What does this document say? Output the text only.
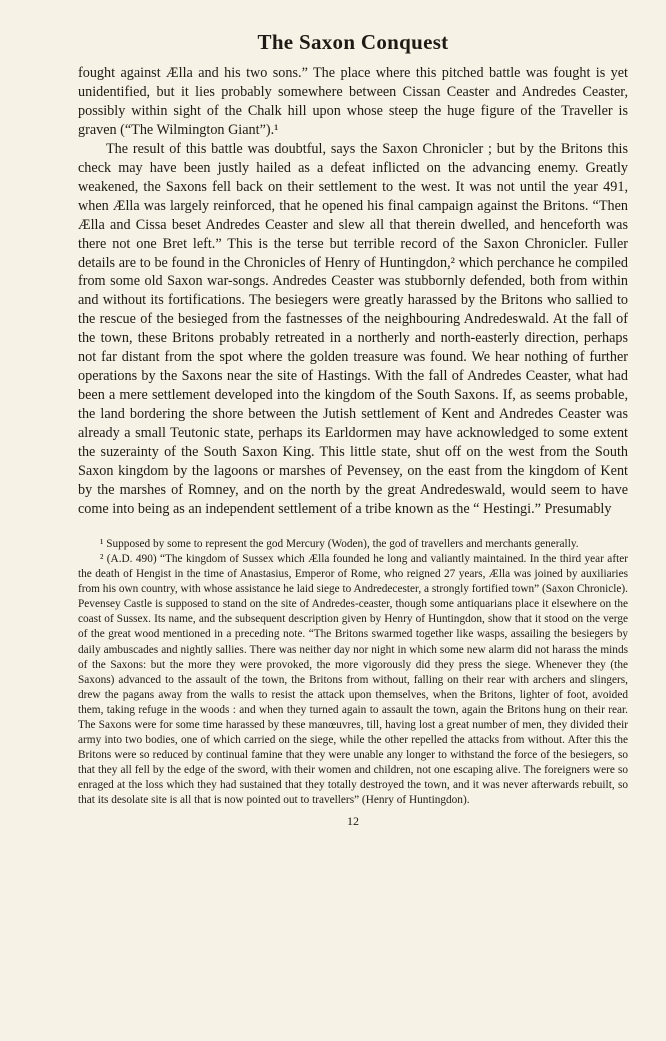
The Saxon Conquest

fought against Ælla and his two sons.” The place where this pitched battle was fought is yet unidentified, but it lies probably somewhere between Cissan Ceaster and Andredes Ceaster, possibly within sight of the Chalk hill upon whose steep the huge figure of the Traveller is graven (“The Wilmington Giant”).¹

The result of this battle was doubtful, says the Saxon Chronicler ; but by the Britons this check may have been justly hailed as a defeat inflicted on the advancing enemy. Greatly weakened, the Saxons fell back on their settlement to the west. It was not until the year 491, when Ælla was largely reinforced, that he opened his final campaign against the Britons. “Then Ælla and Cissa beset Andredes Ceaster and slew all that therein dwelled, and henceforth was there not one Bret left.” This is the terse but terrible record of the Saxon Chronicler. Fuller details are to be found in the Chronicles of Henry of Huntingdon,² which perchance he compiled from some old Saxon war-songs. Andredes Ceaster was stubbornly defended, both from within and without its fortifications. The besiegers were greatly harassed by the Britons who sallied to the rescue of the besieged from the fastnesses of the neighbouring Andredeswald. At the fall of the town, these Britons probably retreated in a northerly and north-easterly direction, perhaps not far distant from the spot where the golden treasure was found. We hear nothing of further operations by the Saxons near the site of Hastings. With the fall of Andredes Ceaster, what had been a mere settlement developed into the kingdom of the South Saxons. If, as seems probable, the land bordering the shore between the Jutish settlement of Kent and Andredes Ceaster was already a small Teutonic state, perhaps its Earldormen may have acknowledged to some extent the suzerainty of the South Saxon King. This little state, shut off on the west from the South Saxon kingdom by the lagoons or marshes of Pevensey, on the east from the kingdom of Kent by the marshes of Romney, and on the north by the great Andredeswald, would seem to have come into being as an independent settlement of a tribe known as the “ Hestingi.” Presumably

¹ Supposed by some to represent the god Mercury (Woden), the god of travellers and merchants generally.

² (A.D. 490) “The kingdom of Sussex which Ælla founded he long and valiantly maintained. In the third year after the death of Hengist in the time of Anastasius, Emperor of Rome, who reigned 27 years, Ælla was joined by auxiliaries from his own country, with whose assistance he laid siege to Andredecester, a strongly fortified town” (Saxon Chronicle). Pevensey Castle is supposed to stand on the site of Andredes-ceaster, though some antiquarians place it elsewhere on the coast of Sussex. Its name, and the subsequent description given by Henry of Huntingdon, show that it stood on the verge of the great wood mentioned in a preceding note. “The Britons swarmed together like wasps, assailing the besiegers by daily ambuscades and nightly sallies. There was neither day nor night in which some new alarm did not harass the minds of the Saxons: but the more they were provoked, the more vigorously did they press the siege. Whenever they (the Saxons) advanced to the assault of the town, the Britons from without, falling on their rear with archers and slingers, drew the pagans away from the walls to resist the attack upon themselves, when the Britons, lighter of foot, avoided them, taking refuge in the woods : and when they turned again to assault the town, again the Britons hung on their rear. The Saxons were for some time harassed by these manœuvres, till, having lost a great number of men, they divided their army into two bodies, one of which carried on the siege, while the other repelled the attacks from without. After this the Britons were so reduced by continual famine that they were unable any longer to withstand the force of the besiegers, so that they all fell by the edge of the sword, with their women and children, not one escaping alive. The foreigners were so enraged at the loss which they had sustained that they totally destroyed the town, and it was never afterwards rebuilt, so that its desolate site is all that is now pointed out to travellers” (Henry of Huntingdon).

12
